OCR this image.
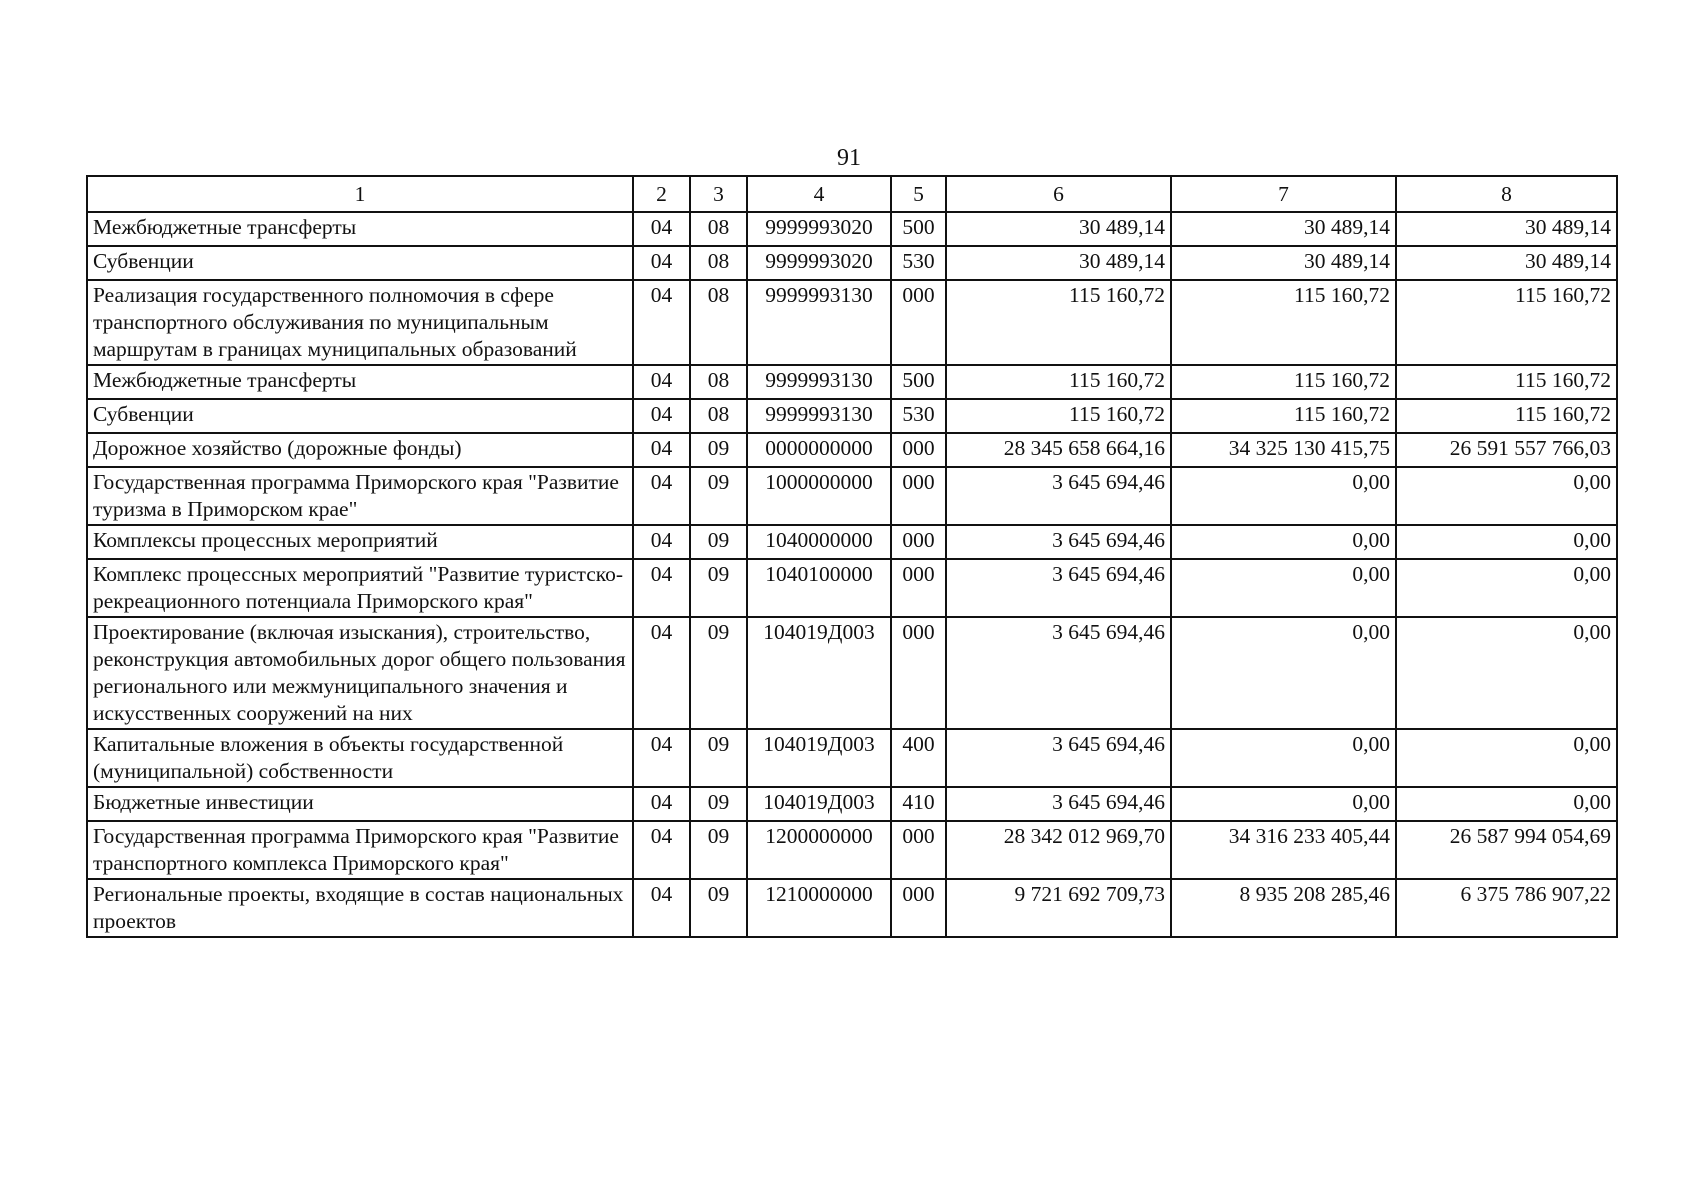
91
1	2	3	4	5	6	7	8
Межбюджетные трансферты	04	08	9999993020	500	30 489,14	30 489,14	30 489,14
Субвенции	04	08	9999993020	530	30 489,14	30 489,14	30 489,14
Реализация государственного полномочия в сфере транспортного обслуживания по муниципальным маршрутам в границах муниципальных образований	04	08	9999993130	000	115 160,72	115 160,72	115 160,72
Межбюджетные трансферты	04	08	9999993130	500	115 160,72	115 160,72	115 160,72
Субвенции	04	08	9999993130	530	115 160,72	115 160,72	115 160,72
Дорожное хозяйство (дорожные фонды)	04	09	0000000000	000	28 345 658 664,16	34 325 130 415,75	26 591 557 766,03
Государственная программа Приморского края "Развитие туризма в Приморском крае"	04	09	1000000000	000	3 645 694,46	0,00	0,00
Комплексы процессных мероприятий	04	09	1040000000	000	3 645 694,46	0,00	0,00
Комплекс процессных мероприятий "Развитие туристско-рекреационного потенциала Приморского края"	04	09	1040100000	000	3 645 694,46	0,00	0,00
Проектирование (включая изыскания), строительство, реконструкция автомобильных дорог общего пользования регионального или межмуниципального значения и искусственных сооружений на них	04	09	104019Д003	000	3 645 694,46	0,00	0,00
Капитальные вложения в объекты государственной (муниципальной) собственности	04	09	104019Д003	400	3 645 694,46	0,00	0,00
Бюджетные инвестиции	04	09	104019Д003	410	3 645 694,46	0,00	0,00
Государственная программа Приморского края "Развитие транспортного комплекса Приморского края"	04	09	1200000000	000	28 342 012 969,70	34 316 233 405,44	26 587 994 054,69
Региональные проекты, входящие в состав национальных проектов	04	09	1210000000	000	9 721 692 709,73	8 935 208 285,46	6 375 786 907,22
